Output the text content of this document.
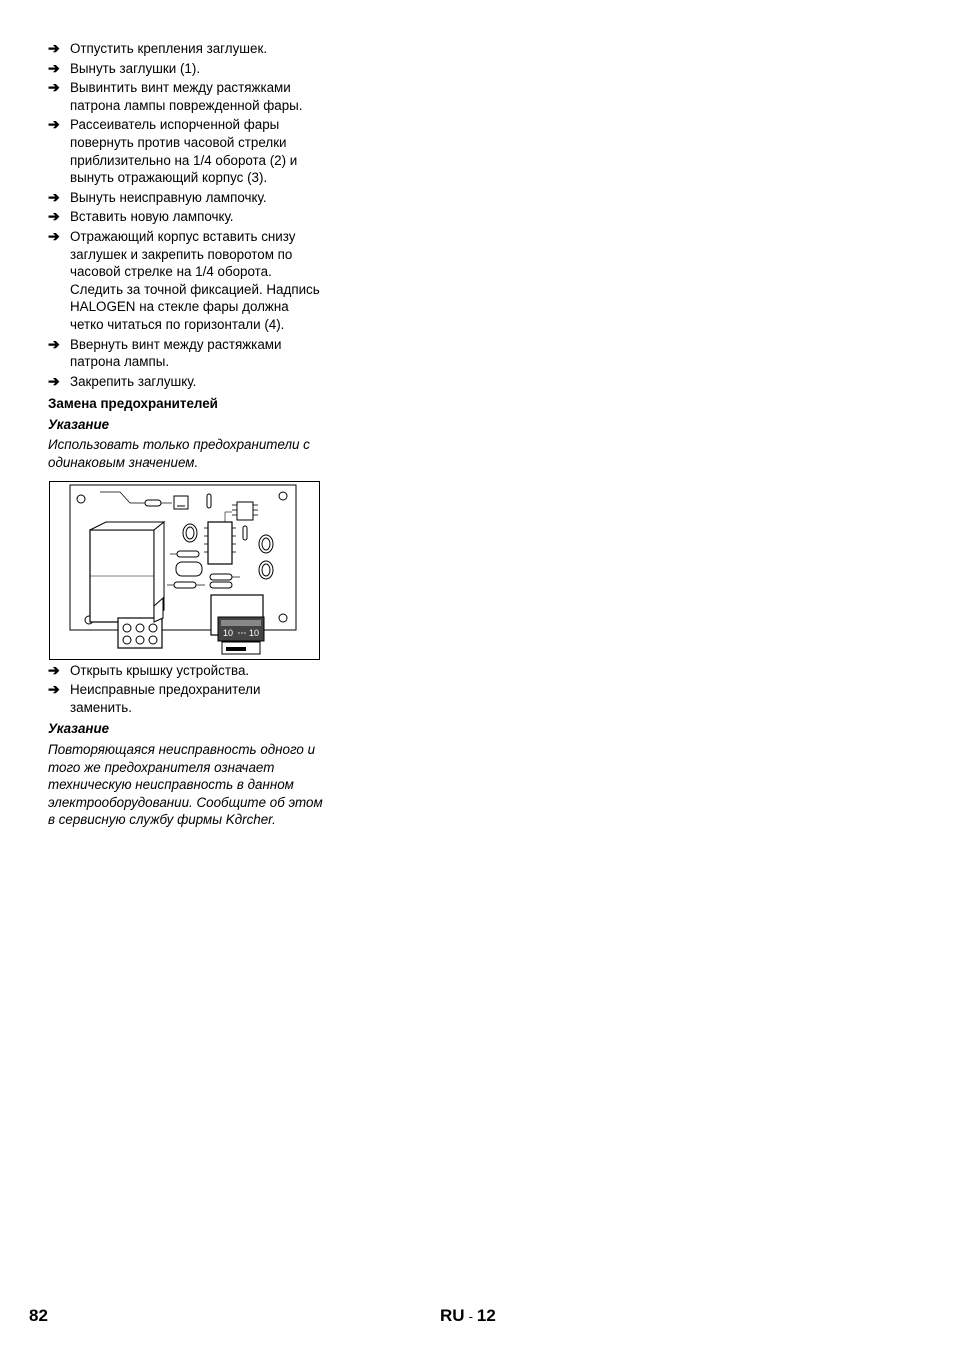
➔ Отпустить крепления заглушек.
➔ Вынуть заглушки (1).
➔ Вывинтить винт между растяжками патрона лампы поврежденной фары.
➔ Рассеиватель испорченной фары повернуть против часовой стрелки приблизительно на 1/4 оборота (2) и вынуть отражающий корпус (3).
➔ Вынуть неисправную лампочку.
➔ Вставить новую лампочку.
➔ Отражающий корпус вставить снизу заглушек и закрепить поворотом по часовой стрелке на 1/4 оборота. Следить за точной фиксацией. Надпись HALOGEN на стекле фары должна четко читаться по горизонтали (4).
➔ Ввернуть винт между растяжками патрона лампы.
➔ Закрепить заглушку.
Замена предохранителей
Указание
Использовать только предохранители с одинаковым значением.
10 10
➔ Открыть крышку устройства.
➔ Неисправные предохранители заменить.
Указание
Повторяющаяся неисправность одного и того же предохранителя означает техническую неисправность в данном электрооборудовании. Сообщите об этом в сервисную службу фирмы Kдrcher.
82	RU - 12
